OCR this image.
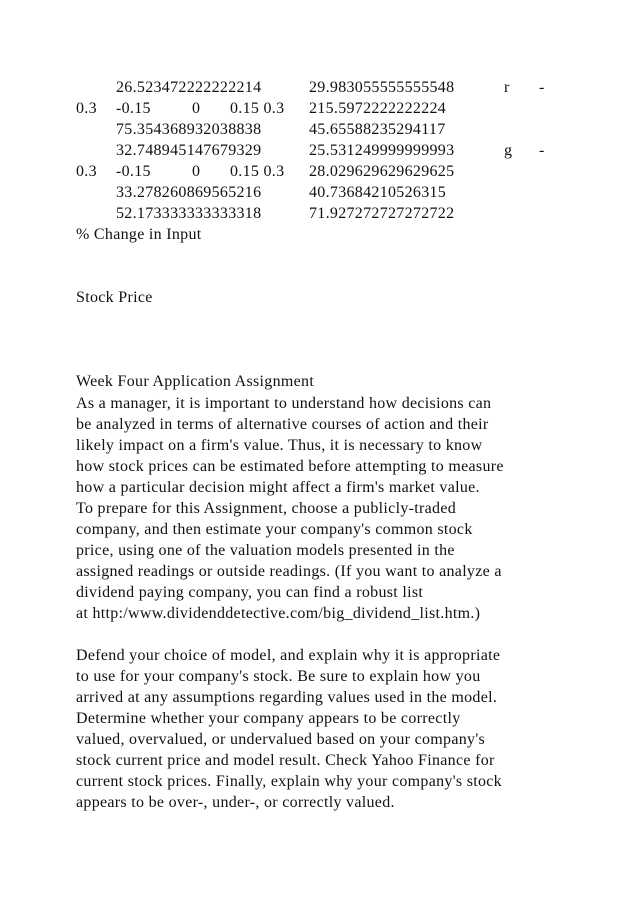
26.523472222222214	29.983055555555548	r -
0.3 -0.15	0 0.15 0.3 215.5972222222224
75.354368932038838	45.65588235294117
32.748945147679329	25.531249999999993	g -
0.3 -0.15	0 0.15 0.3 28.029629629629625
33.278260869565216	40.73684210526315
52.173333333333318	71.927272727272722
% Change in Input
Stock Price
Week Four Application Assignment
As a manager, it is important to understand how decisions can
be analyzed in terms of alternative courses of action and their
likely impact on a firm's value. Thus, it is necessary to know
how stock prices can be estimated before attempting to measure
how a particular decision might affect a firm's market value.
To prepare for this Assignment, choose a publicly-traded
company, and then estimate your company's common stock
price, using one of the valuation models presented in the
assigned readings or outside readings. (If you want to analyze a
dividend paying company, you can find a robust list
at http:/www.dividenddetective.com/big_dividend_list.htm.)
Defend your choice of model, and explain why it is appropriate
to use for your company's stock. Be sure to explain how you
arrived at any assumptions regarding values used in the model.
Determine whether your company appears to be correctly
valued, overvalued, or undervalued based on your company's
stock current price and model result. Check Yahoo Finance for
current stock prices. Finally, explain why your company's stock
appears to be over-, under-, or correctly valued.
